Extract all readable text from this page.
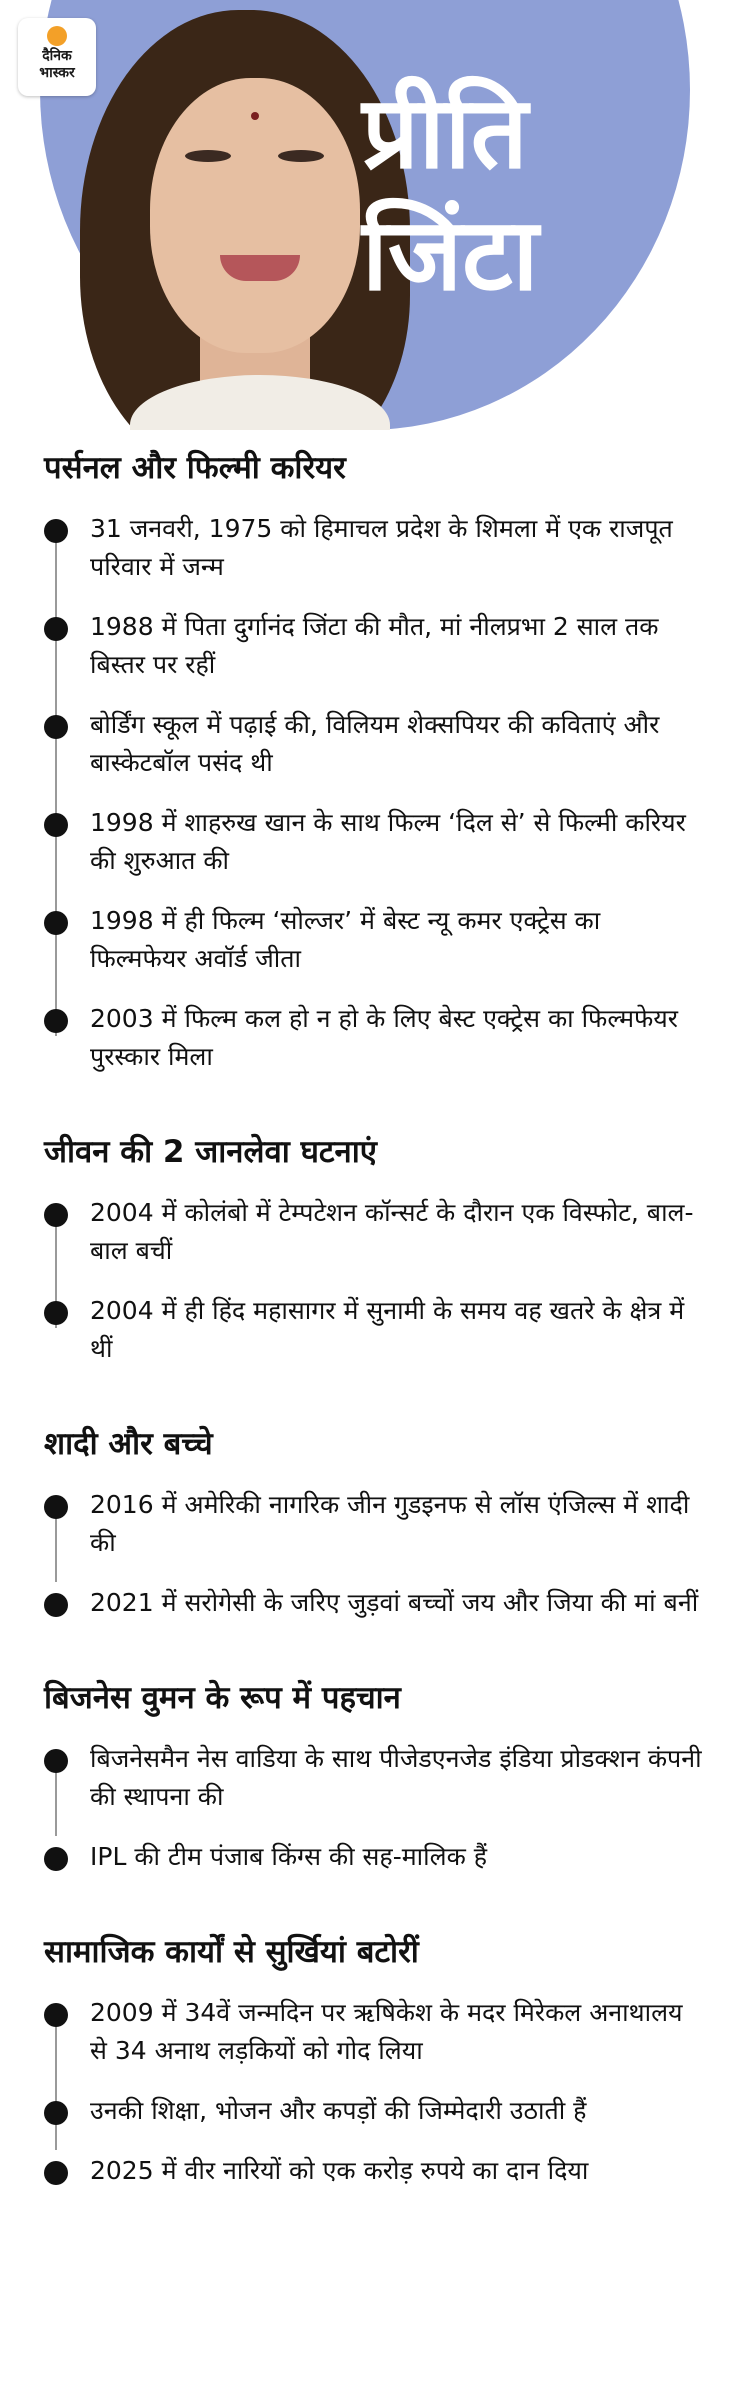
दैनिक
भास्कर
प्रीति
जिंटा
पर्सनल और फिल्मी करियर
31 जनवरी, 1975 को हिमाचल प्रदेश के शिमला में एक राजपूत परिवार में जन्म
1988 में पिता दुर्गानंद जिंटा की मौत, मां नीलप्रभा 2 साल तक बिस्तर पर रहीं
बोर्डिंग स्कूल में पढ़ाई की, विलियम शेक्सपियर की कविताएं और बास्केटबॉल पसंद थी
1998 में शाहरुख खान के साथ फिल्म ‘दिल से’ से फिल्मी करियर की शुरुआत की
1998 में ही फिल्म ‘सोल्जर’ में बेस्ट न्यू कमर एक्ट्रेस का फिल्मफेयर अवॉर्ड जीता
2003 में फिल्म कल हो न हो के लिए बेस्ट एक्ट्रेस का फिल्मफेयर पुरस्कार मिला
जीवन की 2 जानलेवा घटनाएं
2004 में कोलंबो में टेम्पटेशन कॉन्सर्ट के दौरान एक विस्फोट, बाल-बाल बचीं
2004 में ही हिंद महासागर में सुनामी के समय वह खतरे के क्षेत्र में थीं
शादी और बच्चे
2016 में अमेरिकी नागरिक जीन गुडइनफ से लॉस एंजिल्स में शादी की
2021 में सरोगेसी के जरिए जुड़वां बच्चों जय और जिया की मां बनीं
बिजनेस वुमन के रूप में पहचान
बिजनेसमैन नेस वाडिया के साथ पीजेडएनजेड इंडिया प्रोडक्शन कंपनी की स्थापना की
IPL की टीम पंजाब किंग्स की सह-मालिक हैं
सामाजिक कार्यों से सुर्खियां बटोरीं
2009 में 34वें जन्मदिन पर ऋषिकेश के मदर मिरेकल अनाथालय से 34 अनाथ लड़कियों को गोद लिया
उनकी शिक्षा, भोजन और कपड़ों की जिम्मेदारी उठाती हैं
2025 में वीर नारियों को एक करोड़ रुपये का दान दिया
